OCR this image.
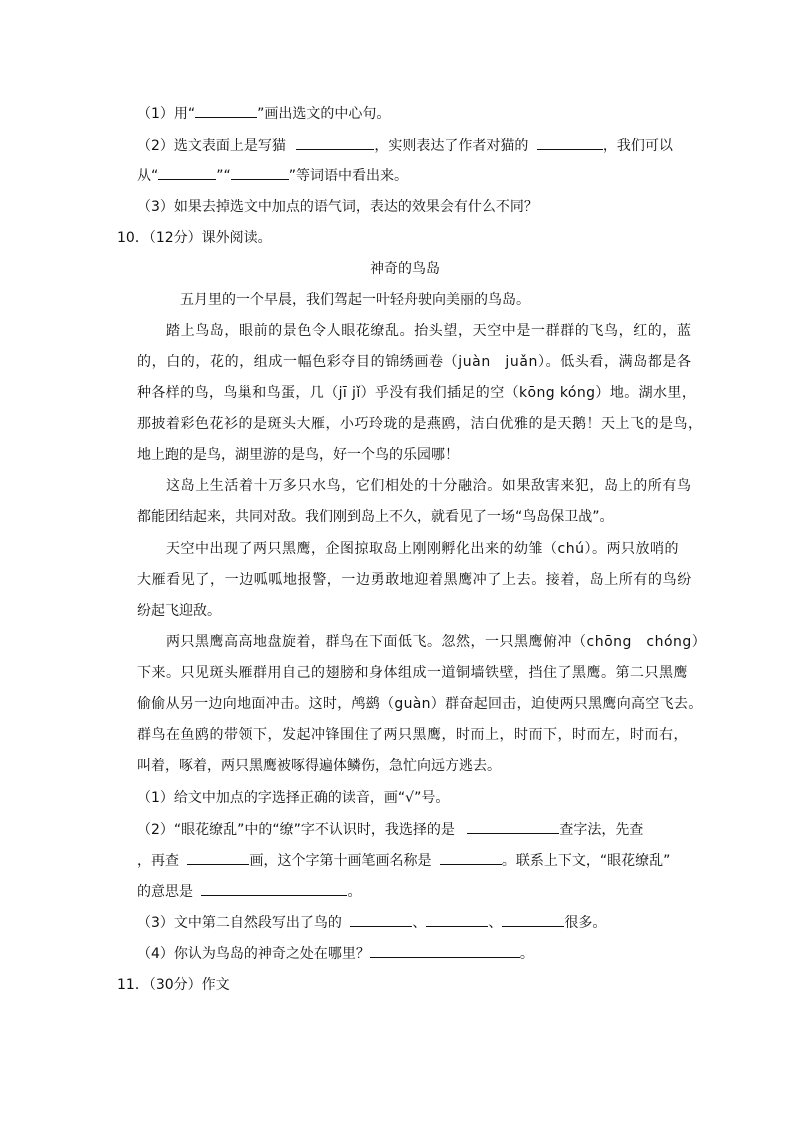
（1）用“	”画出选文的中心句。
（2）选文表面上是写猫	，实则表达了作者对猫的	，我们可以
从“	”“	”等词语中看出来。
（3）如果去掉选文中加点的语气词，表达的效果会有什么不同？
10．（12分）课外阅读。
神奇的鸟岛
五月里的一个早晨，我们驾起一叶轻舟驶向美丽的鸟岛。
踏上鸟岛，眼前的景色令人眼花缭乱。抬头望，天空中是一群群的飞鸟，红的，蓝
的，白的，花的，组成一幅色彩夺目的锦绣画卷（juàn　juǎn）。低头看，满岛都是各
种各样的鸟，鸟巢和鸟蛋，几（jī jǐ）乎没有我们插足的空（kōng kóng）地。湖水里，
那披着彩色花衫的是斑头大雁，小巧玲珑的是燕鸥，洁白优雅的是天鹅！天上飞的是鸟，
地上跑的是鸟，湖里游的是鸟，好一个鸟的乐园哪！
这岛上生活着十万多只水鸟，它们相处的十分融洽。如果敌害来犯，岛上的所有鸟
都能团结起来，共同对敌。我们刚到岛上不久，就看见了一场“鸟岛保卫战”。
天空中出现了两只黑鹰，企图掠取岛上刚刚孵化出来的幼雏（chú）。两只放哨的
大雁看见了，一边呱呱地报警，一边勇敢地迎着黑鹰冲了上去。接着，岛上所有的鸟纷
纷起飞迎敌。
两只黑鹰高高地盘旋着，群鸟在下面低飞。忽然，一只黑鹰俯冲（chōng　chóng）
下来。只见斑头雁群用自己的翅膀和身体组成一道铜墙铁壁，挡住了黑鹰。第二只黑鹰
偷偷从另一边向地面冲击。这时，鸬鹚（gu​àn）群奋起回击，迫使两只黑鹰向高空飞去。
群鸟在鱼鸥的带领下，发起冲锋围住了两只黑鹰，时而上，时而下，时而左，时而右，
叫着，啄着，两只黑鹰被啄得遍体鳞伤，急忙向远方逃去。
（1）给文中加点的字选择正确的读音，画“√”号。
（2）“眼花缭乱”中的“缭”字不认识时，我选择的是	查字法，先查
，再查	画，这个字第十画笔画名称是	。联系上下文，“眼花缭乱”
的意思是	。
（3）文中第二自然段写出了鸟的	、	、	很多。
（4）你认为鸟岛的神奇之处在哪里？	。
11．（30分）作文
